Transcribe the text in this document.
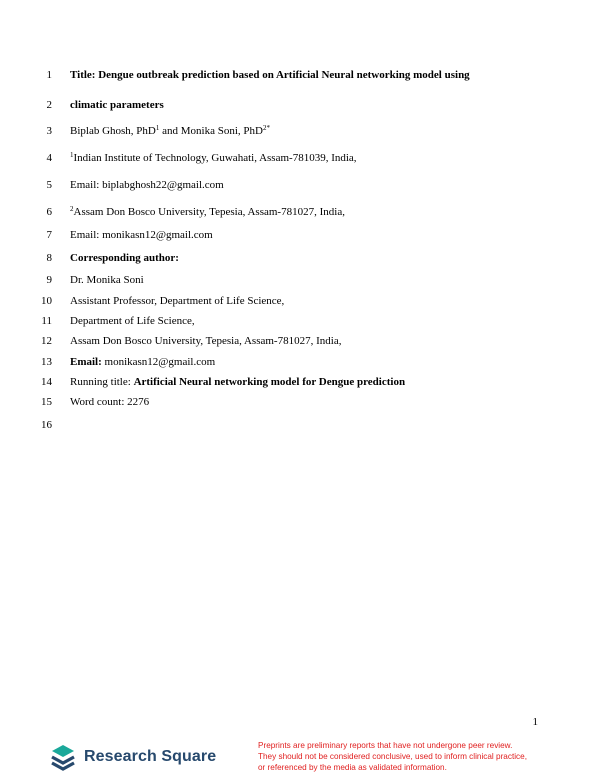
1 Title: Dengue outbreak prediction based on Artificial Neural networking model using
2 climatic parameters
3 Biplab Ghosh, PhD$^1$ and Monika Soni, PhD$^{2*}$
4	$^1$Indian Institute of Technology, Guwahati, Assam-781039, India,
5 Email: biplabghosh22@gmail.com
6	$^2$Assam Don Bosco University, Tepesia, Assam-781027, India,
7 Email: monikasn12@gmail.com
8 Corresponding author:
9 Dr. Monika Soni
10 Assistant Professor, Department of Life Science,
11 Department of Life Science,
12 Assam Don Bosco University, Tepesia, Assam-781027, India,
13 Email: monikasn12@gmail.com
14 Running title: Artificial Neural networking model for Dengue prediction
15 Word count: 2276
16
1
Research Square
Preprints are preliminary reports that have not undergone peer review.
They should not be considered conclusive, used to inform clinical practice,
or referenced by the media as validated information.
